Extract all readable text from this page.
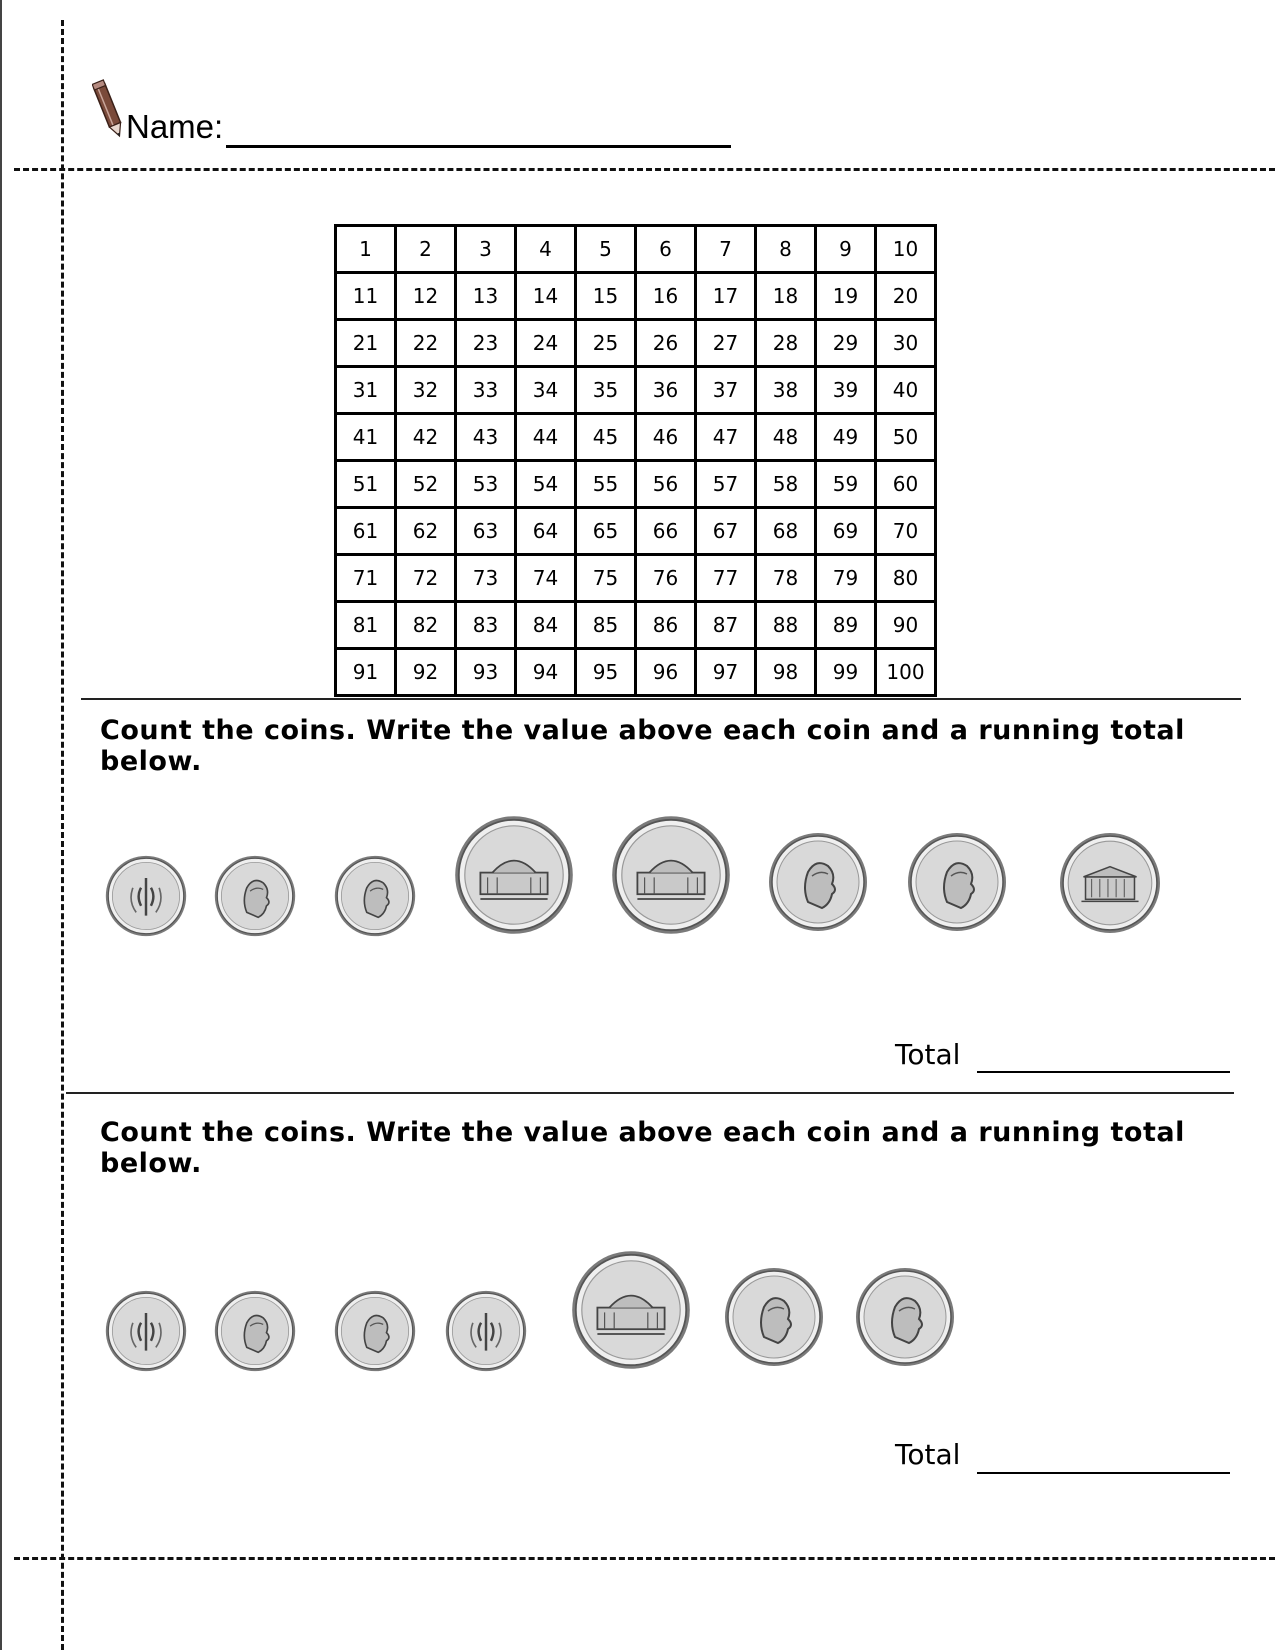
Name:
1	2	3	4	5	6	7	8	9	10
11	12	13	14	15	16	17	18	19	20
21	22	23	24	25	26	27	28	29	30
31	32	33	34	35	36	37	38	39	40
41	42	43	44	45	46	47	48	49	50
51	52	53	54	55	56	57	58	59	60
61	62	63	64	65	66	67	68	69	70
71	72	73	74	75	76	77	78	79	80
81	82	83	84	85	86	87	88	89	90
91	92	93	94	95	96	97	98	99	100
Count the coins. Write the value above each coin and a running total below.
Total
Count the coins. Write the value above each coin and a running total below.
Total
